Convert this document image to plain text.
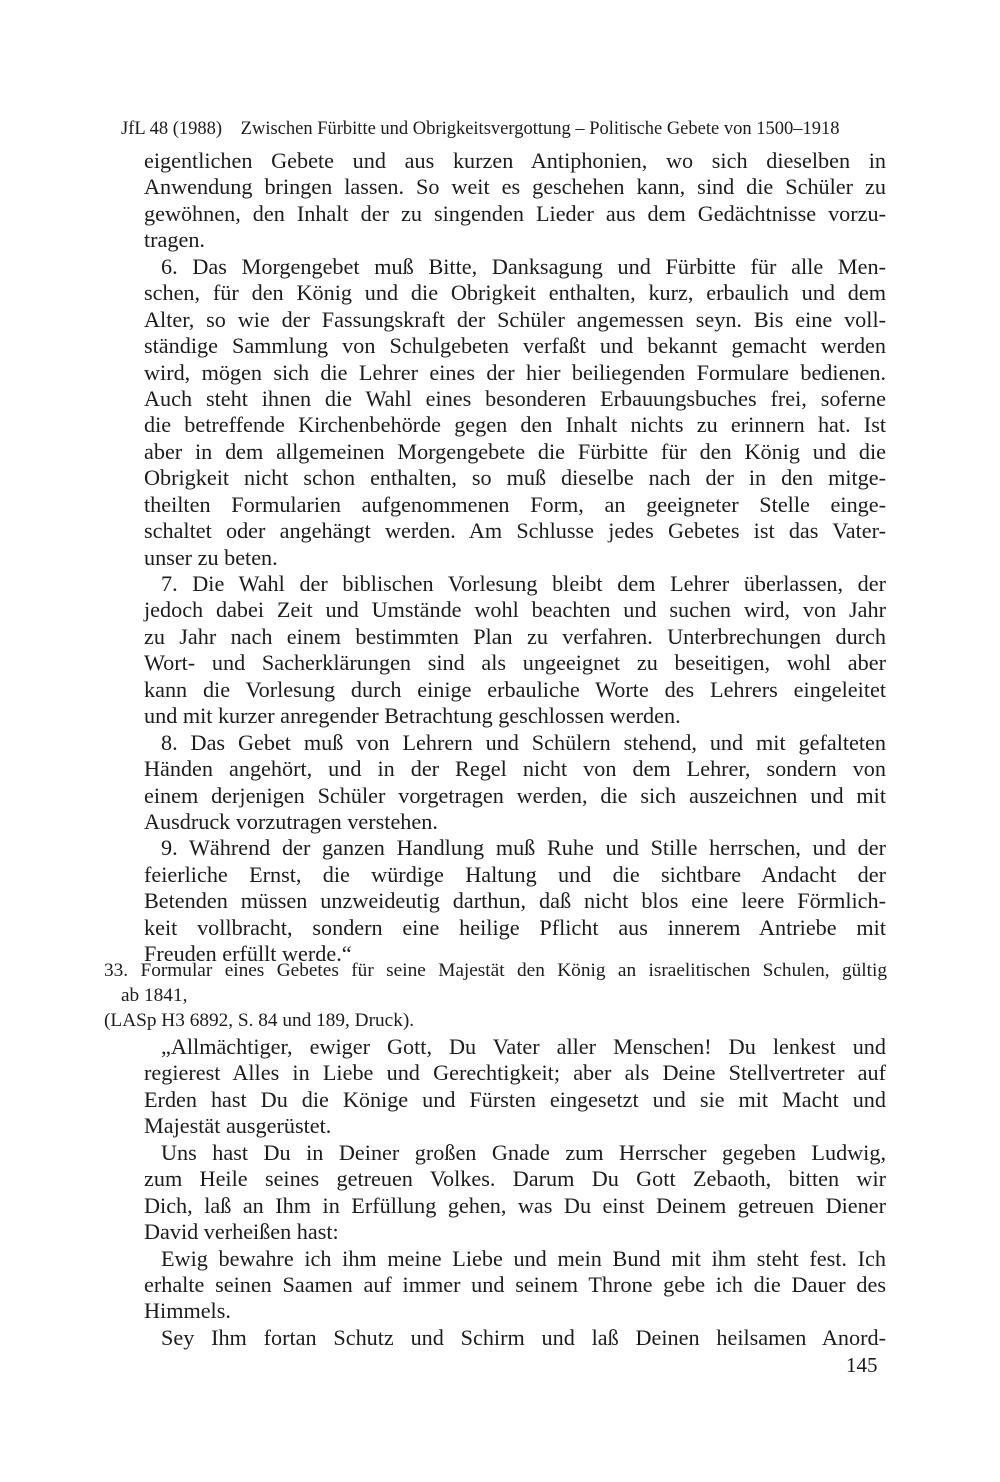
JfL 48 (1988) Zwischen Fürbitte und Obrigkeitsvergottung – Politische Gebete von 1500–1918
eigentlichen Gebete und aus kurzen Antiphonien, wo sich dieselben in
Anwendung bringen lassen. So weit es geschehen kann, sind die Schüler zu
gewöhnen, den Inhalt der zu singenden Lieder aus dem Gedächtnisse vorzu-
tragen.
6. Das Morgengebet muß Bitte, Danksagung und Fürbitte für alle Men-
schen, für den König und die Obrigkeit enthalten, kurz, erbaulich und dem
Alter, so wie der Fassungskraft der Schüler angemessen seyn. Bis eine voll-
ständige Sammlung von Schulgebeten verfaßt und bekannt gemacht werden
wird, mögen sich die Lehrer eines der hier beiliegenden Formulare bedienen.
Auch steht ihnen die Wahl eines besonderen Erbauungsbuches frei, soferne
die betreffende Kirchenbehörde gegen den Inhalt nichts zu erinnern hat. Ist
aber in dem allgemeinen Morgengebete die Fürbitte für den König und die
Obrigkeit nicht schon enthalten, so muß dieselbe nach der in den mitge-
theilten Formularien aufgenommenen Form, an geeigneter Stelle einge-
schaltet oder angehängt werden. Am Schlusse jedes Gebetes ist das Vater-
unser zu beten.
7. Die Wahl der biblischen Vorlesung bleibt dem Lehrer überlassen, der
jedoch dabei Zeit und Umstände wohl beachten und suchen wird, von Jahr
zu Jahr nach einem bestimmten Plan zu verfahren. Unterbrechungen durch
Wort- und Sacherklärungen sind als ungeeignet zu beseitigen, wohl aber
kann die Vorlesung durch einige erbauliche Worte des Lehrers eingeleitet
und mit kurzer anregender Betrachtung geschlossen werden.
8. Das Gebet muß von Lehrern und Schülern stehend, und mit gefalteten
Händen angehört, und in der Regel nicht von dem Lehrer, sondern von
einem derjenigen Schüler vorgetragen werden, die sich auszeichnen und mit
Ausdruck vorzutragen verstehen.
9. Während der ganzen Handlung muß Ruhe und Stille herrschen, und der
feierliche Ernst, die würdige Haltung und die sichtbare Andacht der
Betenden müssen unzweideutig darthun, daß nicht blos eine leere Förmlich-
keit vollbracht, sondern eine heilige Pflicht aus innerem Antriebe mit
Freuden erfüllt werde.“
33. Formular eines Gebetes für seine Majestät den König an israelitischen Schulen, gültig
ab 1841,
(LASp H3 6892, S. 84 und 189, Druck).
„Allmächtiger, ewiger Gott, Du Vater aller Menschen! Du lenkest und
regierest Alles in Liebe und Gerechtigkeit; aber als Deine Stellvertreter auf
Erden hast Du die Könige und Fürsten eingesetzt und sie mit Macht und
Majestät ausgerüstet.
Uns hast Du in Deiner großen Gnade zum Herrscher gegeben Ludwig,
zum Heile seines getreuen Volkes. Darum Du Gott Zebaoth, bitten wir
Dich, laß an Ihm in Erfüllung gehen, was Du einst Deinem getreuen Diener
David verheißen hast:
Ewig bewahre ich ihm meine Liebe und mein Bund mit ihm steht fest. Ich
erhalte seinen Saamen auf immer und seinem Throne gebe ich die Dauer des
Himmels.
Sey Ihm fortan Schutz und Schirm und laß Deinen heilsamen Anord-
145
